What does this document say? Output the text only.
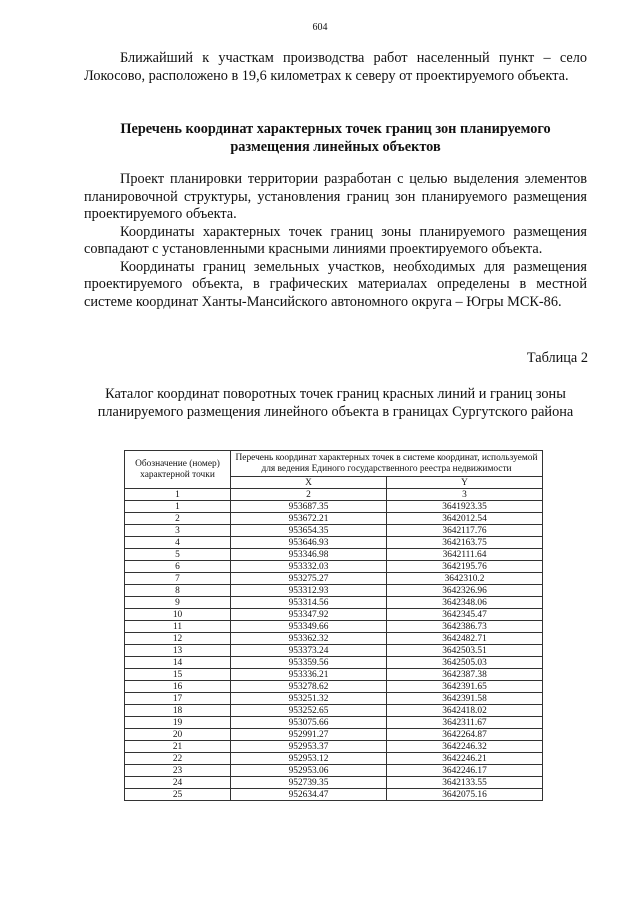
604

Ближайший к участкам производства работ населенный пункт – село Локосово, расположено в 19,6 километрах к северу от проектируемого объекта.

Перечень координат характерных точек границ зон планируемого размещения линейных объектов

Проект планировки территории разработан с целью выделения элементов планировочной структуры, установления границ зон планируемого размещения проектируемого объекта.

Координаты характерных точек границ зоны планируемого размещения совпадают с установленными красными линиями проектируемого объекта.

Координаты границ земельных участков, необходимых для размещения проектируемого объекта, в графических материалах определены в местной системе координат Ханты-Мансийского автономного округа – Югры МСК-86.

Таблица 2
Каталог координат поворотных точек границ красных линий и границ зоны планируемого размещения линейного объекта в границах Сургутского района
Обозначение (номер) характерной точки	Перечень координат характерных точек в системе координат, используемой для ведения Единого государственного реестра недвижимости	
	X	Y
1	2	3
1	953687.35	3641923.35
2	953672.21	3642012.54
3	953654.35	3642117.76
4	953646.93	3642163.75
5	953346.98	3642111.64
6	953332.03	3642195.76
7	953275.27	3642310.2
8	953312.93	3642326.96
9	953314.56	3642348.06
10	953347.92	3642345.47
11	953349.66	3642386.73
12	953362.32	3642482.71
13	953373.24	3642503.51
14	953359.56	3642505.03
15	953336.21	3642387.38
16	953278.62	3642391.65
17	953251.32	3642391.58
18	953252.65	3642418.02
19	953075.66	3642311.67
20	952991.27	3642264.87
21	952953.37	3642246.32
22	952953.12	3642246.21
23	952953.06	3642246.17
24	952739.35	3642133.55
25	952634.47	3642075.16
